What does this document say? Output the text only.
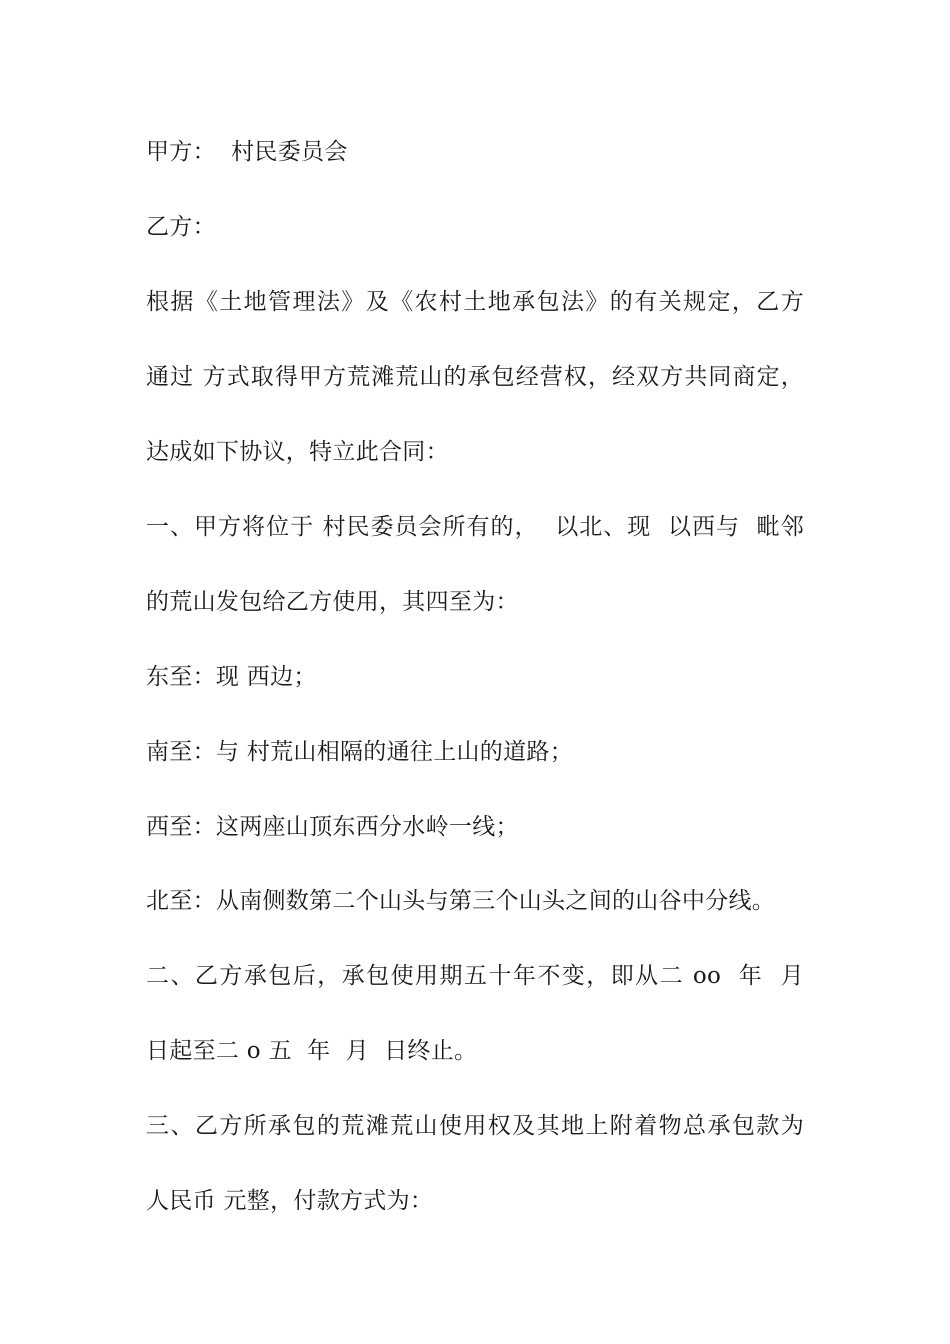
甲方：  村民委员会
乙方：
根据《土地管理法》及《农村土地承包法》的有关规定，乙方
通过 方式取得甲方荒滩荒山的承包经营权，经双方共同商定，
达成如下协议，特立此合同：
一、甲方将位于 村民委员会所有的，  以北、现  以西与  毗邻
的荒山发包给乙方使用，其四至为：
东至：现 西边；
南至：与 村荒山相隔的通往上山的道路；
西至：这两座山顶东西分水岭一线；
北至：从南侧数第二个山头与第三个山头之间的山谷中分线。
二、乙方承包后，承包使用期五十年不变，即从二 oo  年  月
日起至二 o 五  年  月  日终止。
三、乙方所承包的荒滩荒山使用权及其地上附着物总承包款为
人民币 元整，付款方式为：
